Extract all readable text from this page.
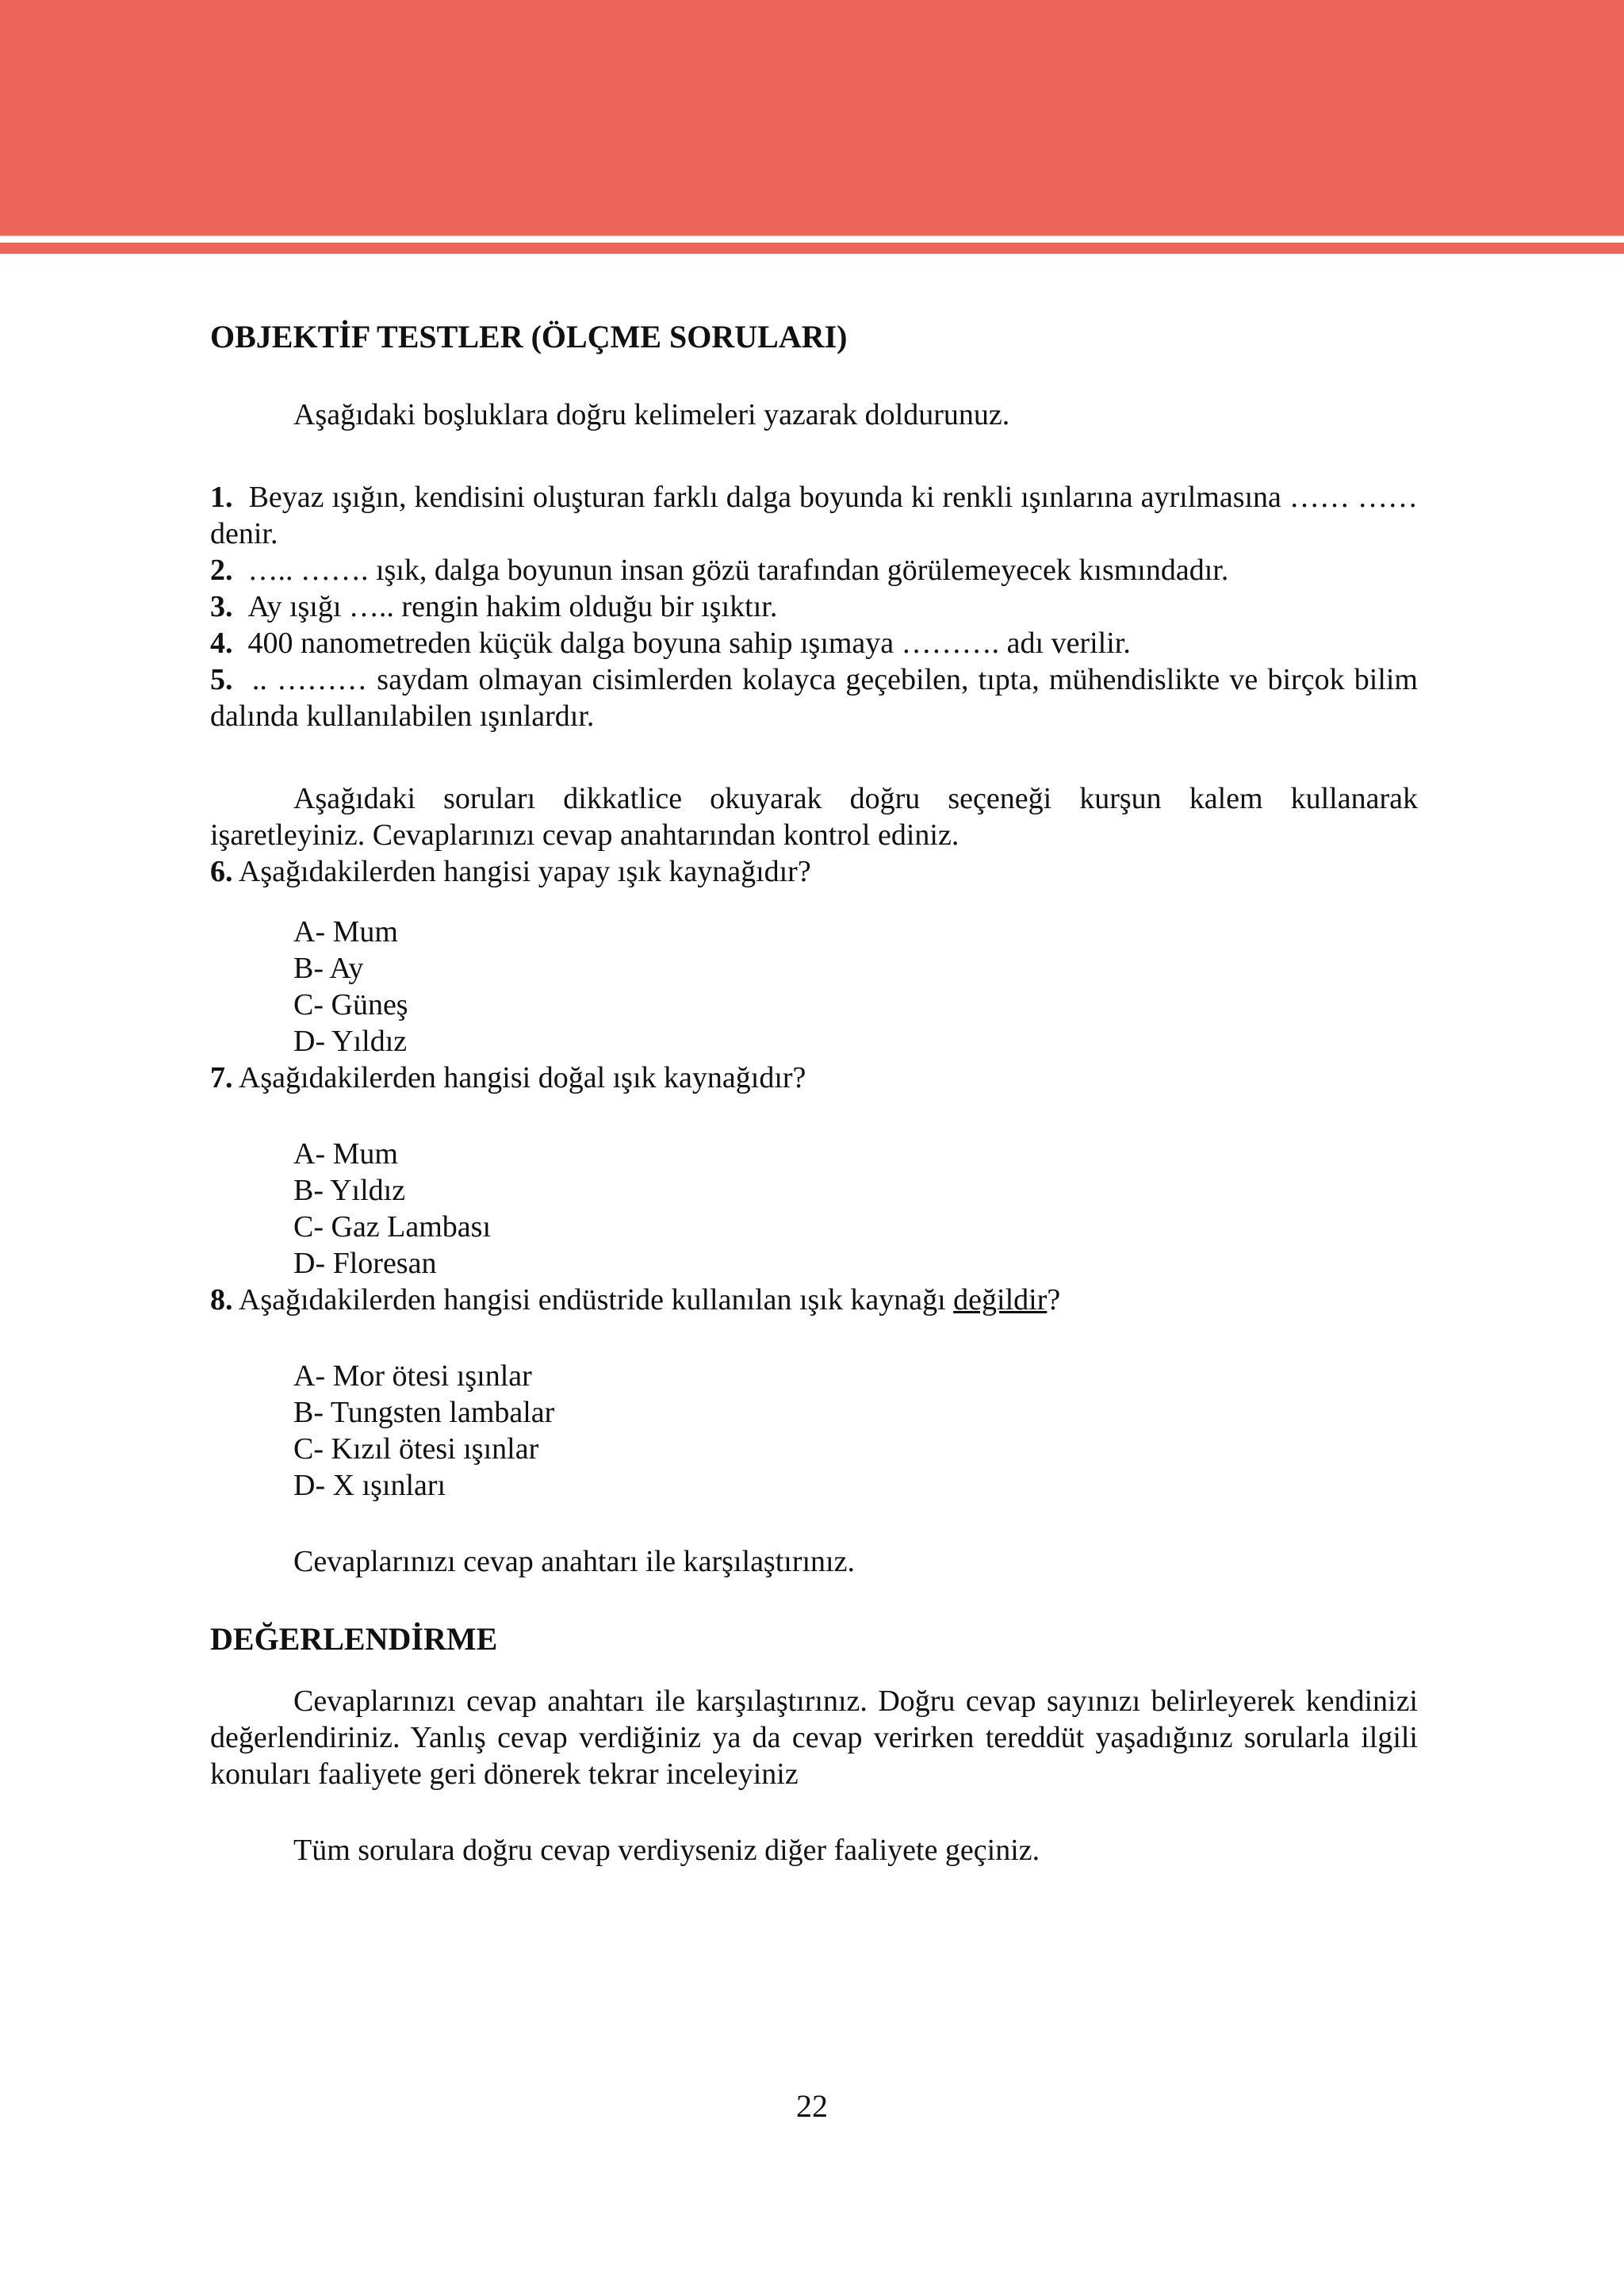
OBJEKTİF TESTLER (ÖLÇME SORULARI)

Aşağıdaki boşluklara doğru kelimeleri yazarak doldurunuz.

1. Beyaz ışığın, kendisini oluşturan farklı dalga boyunda ki renkli ışınlarına ayrılmasına …… …… denir.

2. ….. ……. ışık, dalga boyunun insan gözü tarafından görülemeyecek kısmındadır.

3. Ay ışığı ….. rengin hakim olduğu bir ışıktır.

4. 400 nanometreden küçük dalga boyuna sahip ışımaya ………. adı verilir.

5. .. ……… saydam olmayan cisimlerden kolayca geçebilen, tıpta, mühendislikte ve birçok bilim dalında kullanılabilen ışınlardır.

Aşağıdaki soruları dikkatlice okuyarak doğru seçeneği kurşun kalem kullanarak işaretleyiniz. Cevaplarınızı cevap anahtarından kontrol ediniz.

6. Aşağıdakilerden hangisi yapay ışık kaynağıdır?

A- Mum

B- Ay

C- Güneş

D- Yıldız

7. Aşağıdakilerden hangisi doğal ışık kaynağıdır?

A- Mum

B- Yıldız

C- Gaz Lambası

D- Floresan

8. Aşağıdakilerden hangisi endüstride kullanılan ışık kaynağı değildir?

A- Mor ötesi ışınlar

B- Tungsten lambalar

C- Kızıl ötesi ışınlar

D- X ışınları

Cevaplarınızı cevap anahtarı ile karşılaştırınız.

DEĞERLENDİRME

Cevaplarınızı cevap anahtarı ile karşılaştırınız. Doğru cevap sayınızı belirleyerek kendinizi değerlendiriniz. Yanlış cevap verdiğiniz ya da cevap verirken tereddüt yaşadığınız sorularla ilgili konuları faaliyete geri dönerek tekrar inceleyiniz

Tüm sorulara doğru cevap verdiyseniz diğer faaliyete geçiniz.

22
